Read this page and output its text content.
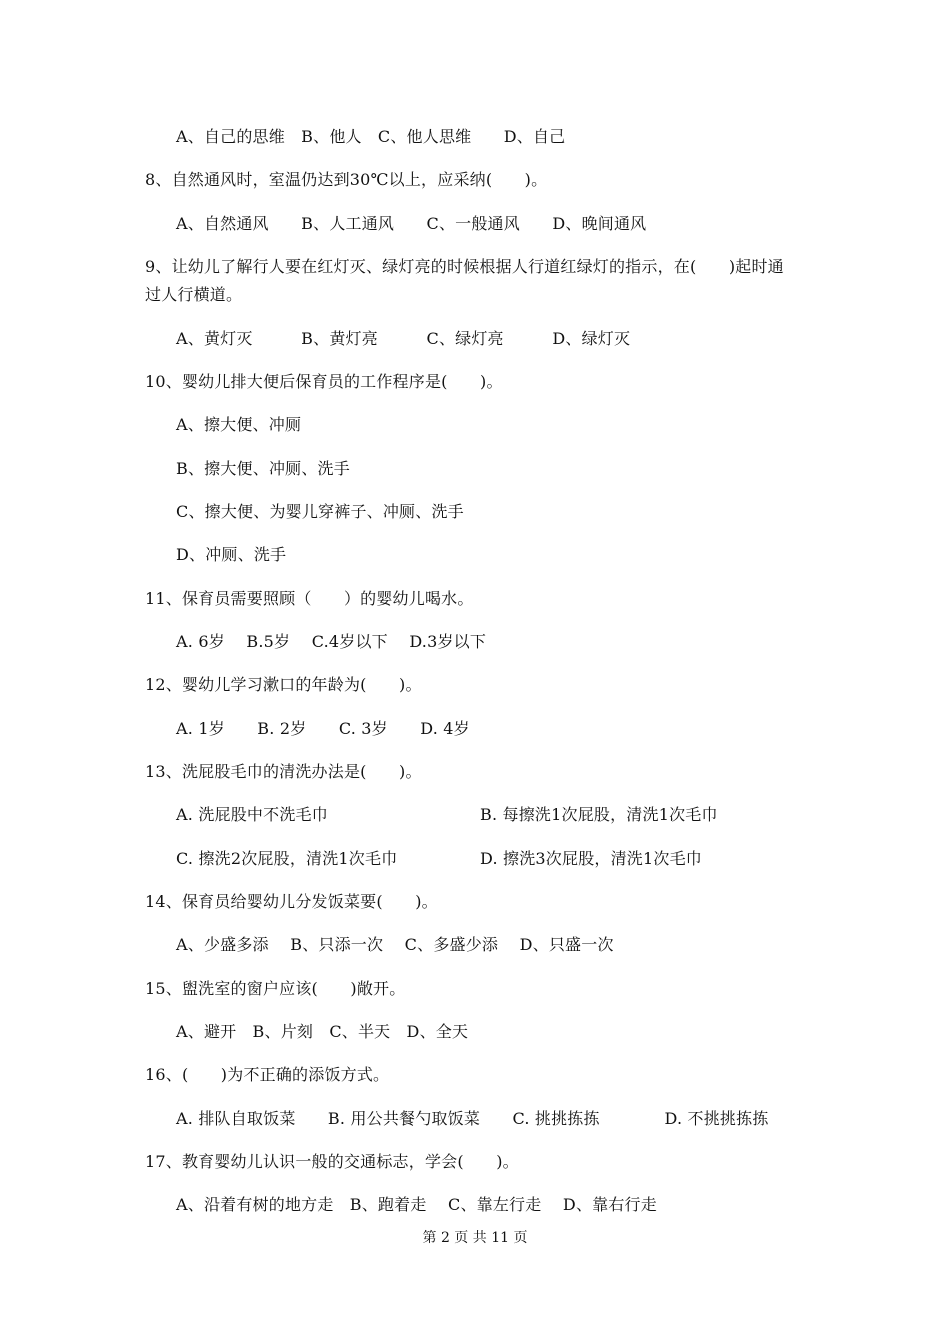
A、自己的思维　B、他人　C、他人思维　　D、自己
8、自然通风时，室温仍达到30℃以上，应采纳(　　)。
A、自然通风　　B、人工通风　　C、一般通风　　D、晚间通风
9、让幼儿了解行人要在红灯灭、绿灯亮的时候根据人行道红绿灯的指示，在(　　)起时通
过人行横道。
A、黄灯灭　　　B、黄灯亮　　　C、绿灯亮　　　D、绿灯灭
10、婴幼儿排大便后保育员的工作程序是(　　)。
A、擦大便、冲厕
B、擦大便、冲厕、洗手
C、擦大便、为婴儿穿裤子、冲厕、洗手
D、冲厕、洗手
11、保育员需要照顾（　　）的婴幼儿喝水。
A. 6岁　 B.5岁　 C.4岁以下　 D.3岁以下
12、婴幼儿学习漱口的年龄为(　　)。
A. 1岁　　B. 2岁　　C. 3岁　　D. 4岁
13、洗屁股毛巾的清洗办法是(　　)。
A. 洗屁股中不洗毛巾	B. 每擦洗1次屁股，清洗1次毛巾
C. 擦洗2次屁股，清洗1次毛巾	D. 擦洗3次屁股，清洗1次毛巾
14、保育员给婴幼儿分发饭菜要(　　)。
A、少盛多添　 B、只添一次　 C、多盛少添　 D、只盛一次
15、盥洗室的窗户应该(　　)敞开。
A、避开　B、片刻　C、半天　D、全天
16、(　　)为不正确的添饭方式。
A. 排队自取饭菜　　B. 用公共餐勺取饭菜　　C. 挑挑拣拣　　　　D. 不挑挑拣拣
17、教育婴幼儿认识一般的交通标志，学会(　　)。
A、沿着有树的地方走　B、跑着走　 C、靠左行走　 D、靠右行走
第 2 页 共 11 页
